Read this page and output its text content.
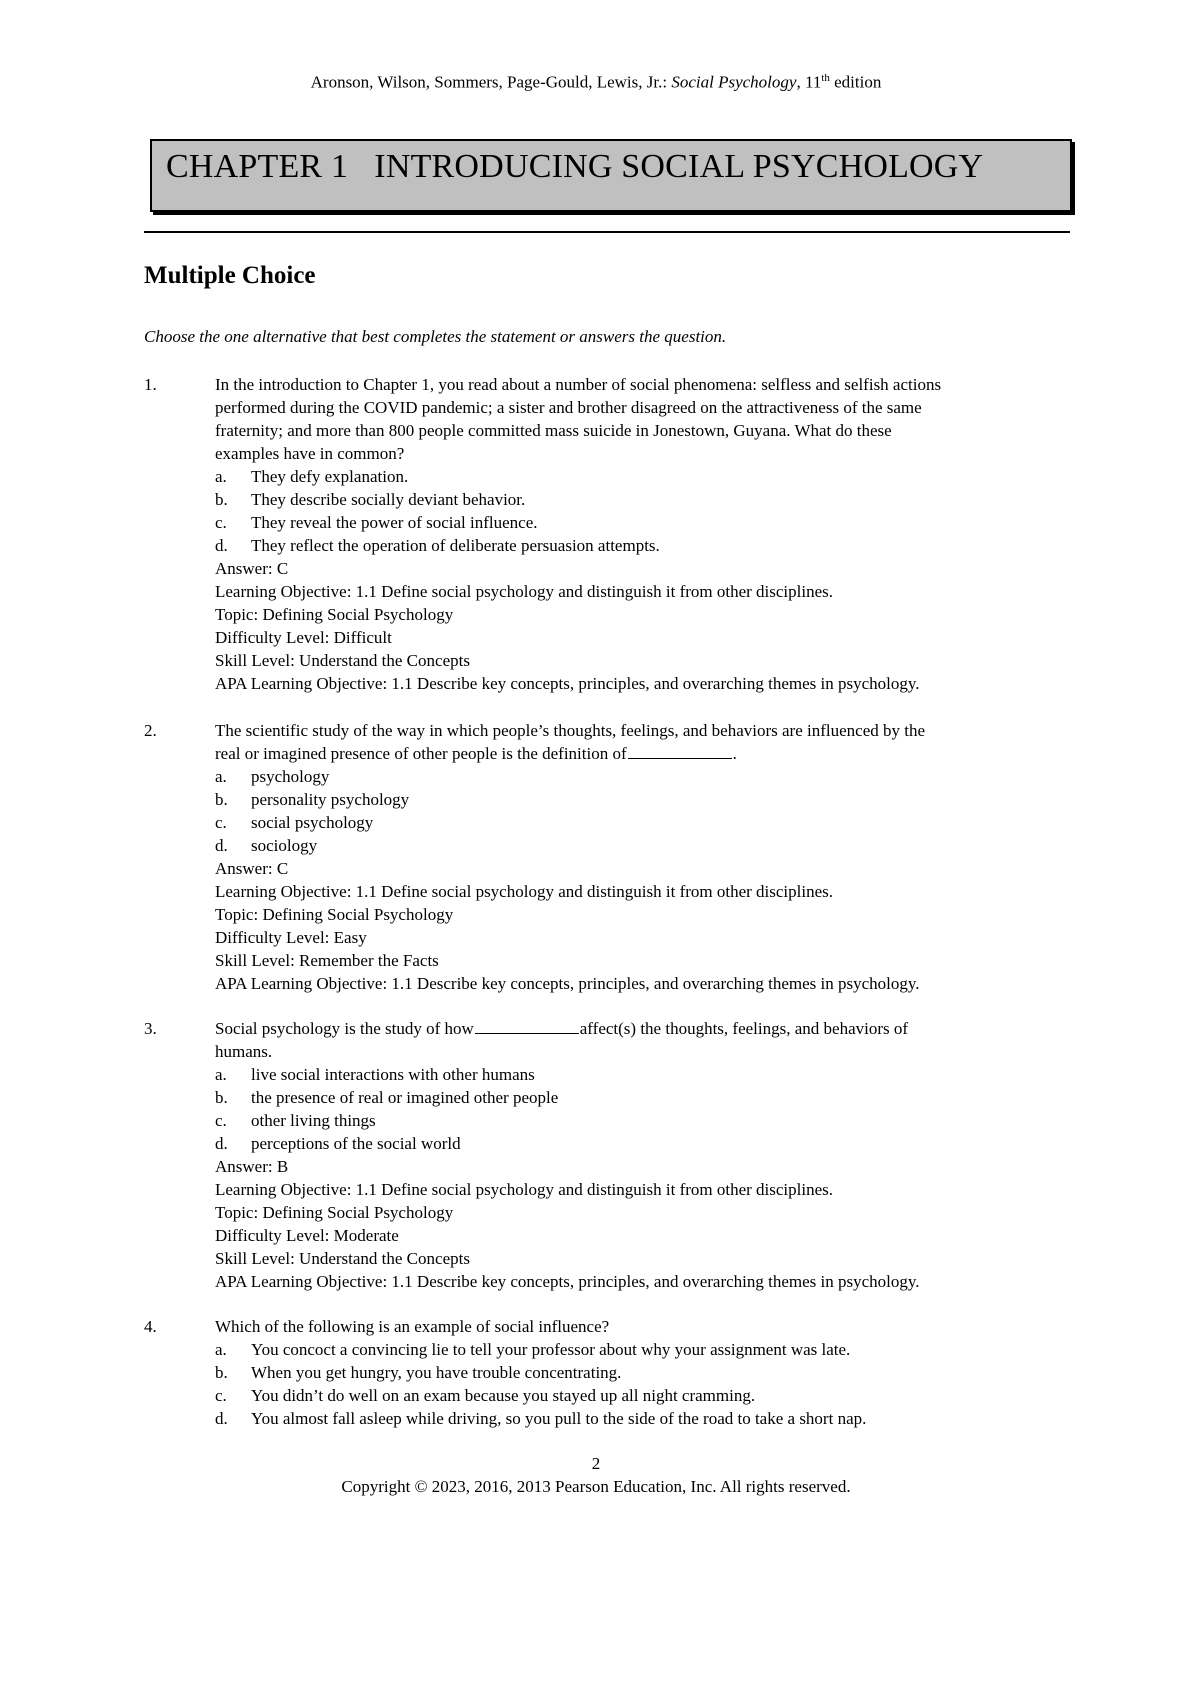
Aronson, Wilson, Sommers, Page-Gould, Lewis, Jr.: Social Psychology, 11th edition
CHAPTER 1   INTRODUCING SOCIAL PSYCHOLOGY
Multiple Choice
Choose the one alternative that best completes the statement or answers the question.
1.	In the introduction to Chapter 1, you read about a number of social phenomena: selfless and selfish actions
performed during the COVID pandemic; a sister and brother disagreed on the attractiveness of the same
fraternity; and more than 800 people committed mass suicide in Jonestown, Guyana. What do these
examples have in common?
a. They defy explanation.
b. They describe socially deviant behavior.
c. They reveal the power of social influence.
d. They reflect the operation of deliberate persuasion attempts.
Answer: C
Learning Objective: 1.1 Define social psychology and distinguish it from other disciplines.
Topic: Defining Social Psychology
Difficulty Level: Difficult
Skill Level: Understand the Concepts
APA Learning Objective: 1.1 Describe key concepts, principles, and overarching themes in psychology.
2.	The scientific study of the way in which people’s thoughts, feelings, and behaviors are influenced by the
real or imagined presence of other people is the definition of	.
a. psychology
b. personality psychology
c. social psychology
d. sociology
Answer: C
Learning Objective: 1.1 Define social psychology and distinguish it from other disciplines.
Topic: Defining Social Psychology
Difficulty Level: Easy
Skill Level: Remember the Facts
APA Learning Objective: 1.1 Describe key concepts, principles, and overarching themes in psychology.
3.	Social psychology is the study of how	affect(s) the thoughts, feelings, and behaviors of
humans.
a. live social interactions with other humans
b. the presence of real or imagined other people
c. other living things
d. perceptions of the social world
Answer: B
Learning Objective: 1.1 Define social psychology and distinguish it from other disciplines.
Topic: Defining Social Psychology
Difficulty Level: Moderate
Skill Level: Understand the Concepts
APA Learning Objective: 1.1 Describe key concepts, principles, and overarching themes in psychology.
4.	Which of the following is an example of social influence?
a. You concoct a convincing lie to tell your professor about why your assignment was late.
b. When you get hungry, you have trouble concentrating.
c. You didn’t do well on an exam because you stayed up all night cramming.
d. You almost fall asleep while driving, so you pull to the side of the road to take a short nap.
2
Copyright © 2023, 2016, 2013 Pearson Education, Inc. All rights reserved.
